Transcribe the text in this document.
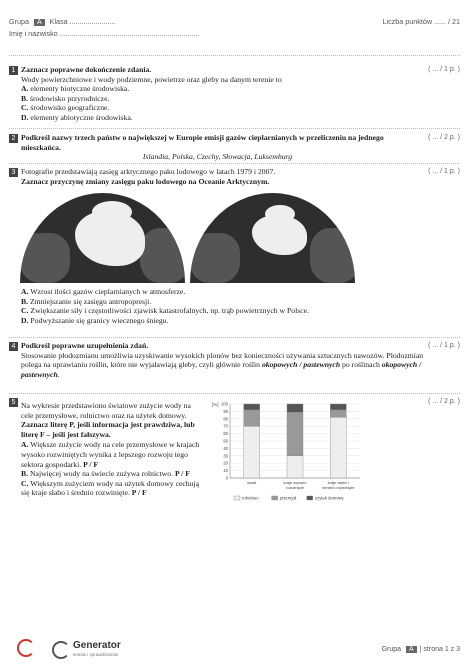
Grupa A Klasa .......................	Liczba punktów ...... / 21
Imię i nazwisko ......................................................................
1	( ... / 1 p. )
Zaznacz poprawne dokończenie zdania.
Wody powierzchniowe i wody podziemne, powietrze oraz gleby na danym terenie to
A. elementy biotyczne środowiska.
B. środowisko przyrodnicze.
C. środowisko geograficzne.
D. elementy abiotyczne środowiska.
2	( ... / 2 p. )
Podkreśl nazwy trzech państw o największej w Europie emisji gazów cieplarnianych w przeliczeniu na jednego mieszkańca.
Islandia, Polska, Czechy, Słowacja, Luksemburg
3	( ... / 1 p. )
Fotografie przedstawiają zasięg arktycznego paku lodowego w latach 1979 i 2007.
Zaznacz przyczynę zmiany zasięgu paku lodowego na Oceanie Arktycznym.
1979	2007
A. Wzrost ilości gazów cieplarnianych w atmosferze.
B. Zmniejszanie się zasięgu antropopresji.
C. Zwiększanie siły i częstotliwości zjawisk katastrofalnych, np. trąb powietrznych w Polsce.
D. Podwyższanie się granicy wiecznego śniegu.
4	( ... / 1 p. )
Podkreśl poprawne uzupełnienia zdań.
Stosowanie płodozmianu umożliwia uzyskiwanie wysokich plonów bez konieczności używania sztucznych nawozów. Płodozmian polega na uprawianiu roślin, które nie wyjaławiają gleby, czyli głównie roślin okopowych / pastewnych po roślinach okopowych / pastewnych.
5	( ... / 2 p. )
Na wykresie przedstawiono światowe zużycie wody na cele przemysłowe, rolnictwo oraz na użytek domowy.
Zaznacz literę P, jeśli informacja jest prawdziwa, lub literę F – jeśli jest fałszywa.
A. Większe zużycie wody na cele przemysłowe w krajach wysoko rozwiniętych wynika z lepszego rozwoju tego sektora gospodarki. P / F
B. Najwięcej wody na świecie zużywa rolnictwo. P / F
C. Większym zużyciem wody na użytek domowy cechują się kraje słabo i średnio rozwinięte. P / F
[%]
0
10
20
30
40
50
60
70
80
90
100
świat	kraje wysoko
rozwinięte
kraje słabo i
średnio rozwinięte
rolnictwo	przemysł	użytek domowy
Generator
testów i sprawdzianów
Grupa A | strona 1 z 3
